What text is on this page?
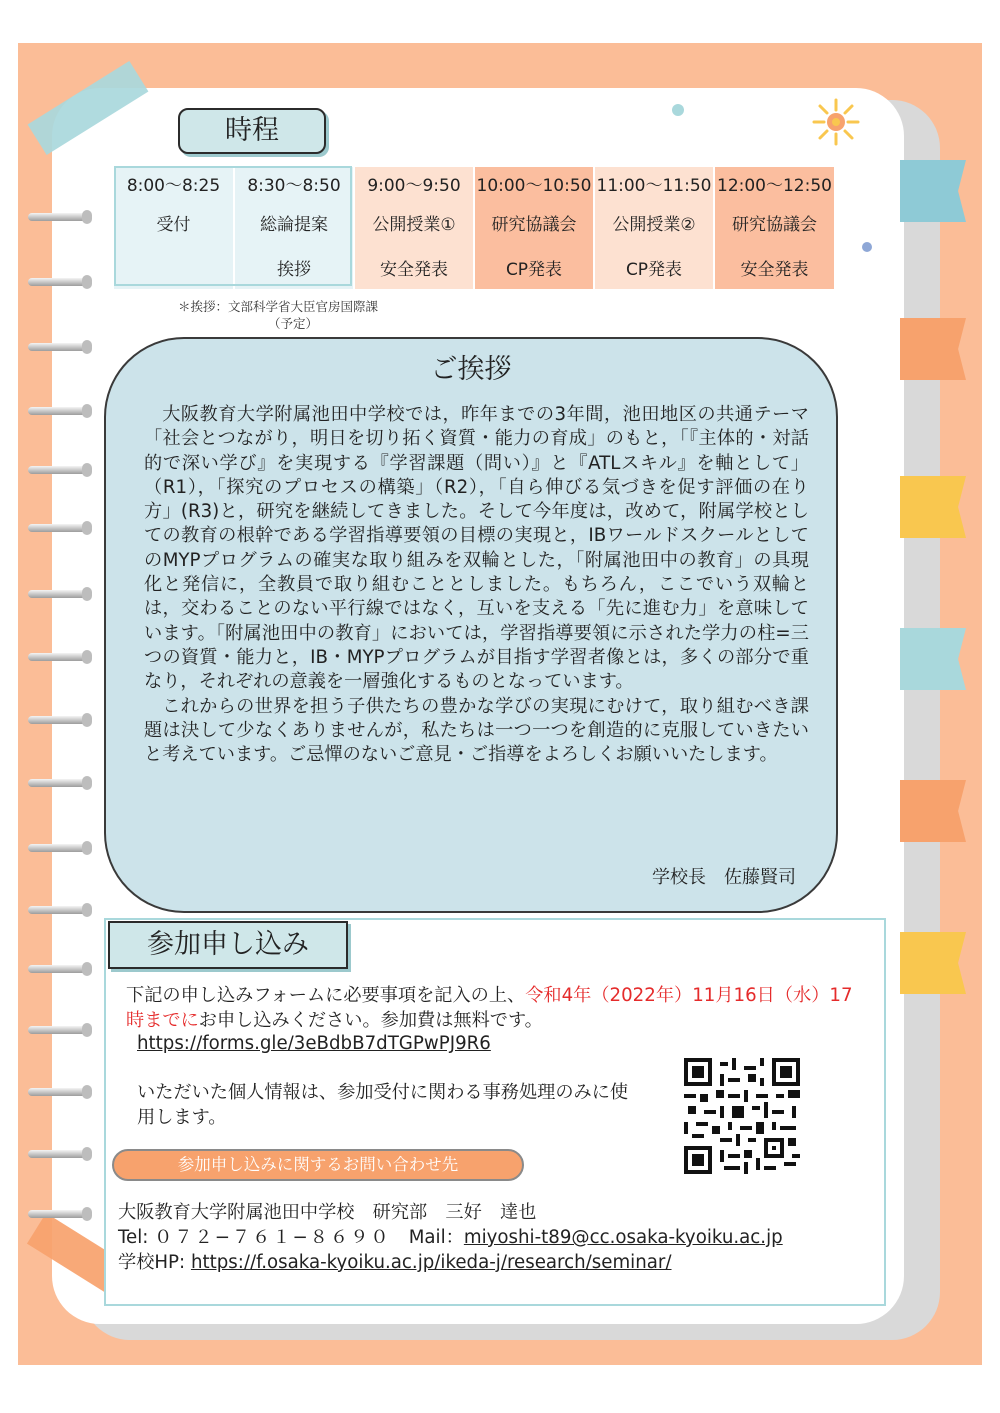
時程
8:00〜8:25	8:30〜8:50	9:00〜9:50	10:00〜10:50	11:00〜11:50	12:00〜12:50
受付	総論提案	公開授業①	研究協議会	公開授業②	研究協議会
	挨拶	安全発表	CP発表	CP発表	安全発表
＊挨拶：文部科学省大臣官房国際課
（予定）
ご挨拶

大阪教育大学附属池田中学校では，昨年までの3年間，池田地区の共通テーマ「社会とつながり，明日を切り拓く資質・能力の育成」のもと，「『主体的・対話的で深い学び』を実現する『学習課題（問い）』と『ATLスキル』を軸として」（R1），「探究のプロセスの構築」（R2），「自ら伸びる気づきを促す評価の在り方」(R3)と，研究を継続してきました。そして今年度は，改めて，附属学校としての教育の根幹である学習指導要領の目標の実現と，IBワールドスクールとしてのMYPプログラムの確実な取り組みを双輪とした，「附属池田中の教育」の具現化と発信に，全教員で取り組むこととしました。もちろん，ここでいう双輪とは，交わることのない平行線ではなく，互いを支える「先に進む力」を意味しています。「附属池田中の教育」においては，学習指導要領に示された学力の柱=三つの資質・能力と，IB・MYPプログラムが目指す学習者像とは，多くの部分で重なり，それぞれの意義を一層強化するものとなっています。

これからの世界を担う子供たちの豊かな学びの実現にむけて，取り組むべき課題は決して少なくありませんが，私たちは一つ一つを創造的に克服していきたいと考えています。ご忌憚のないご意見・ご指導をよろしくお願いいたします。

学校長　佐藤賢司
参加申し込み
下記の申し込みフォームに必要事項を記入の上、令和4年（2022年）11月16日（水）17時までにお申し込みください。参加費は無料です。
https://forms.gle/3eBdbB7dTGPwPJ9R6
いただいた個人情報は、参加受付に関わる事務処理のみに使用します。
参加申し込みに関するお問い合わせ先
大阪教育大学附属池田中学校　研究部　三好　達也
Tel: ０７２−７６１−８６９０　Mail：miyoshi-t89@cc.osaka-kyoiku.ac.jp
学校HP: https://f.osaka-kyoiku.ac.jp/ikeda-j/research/seminar/
